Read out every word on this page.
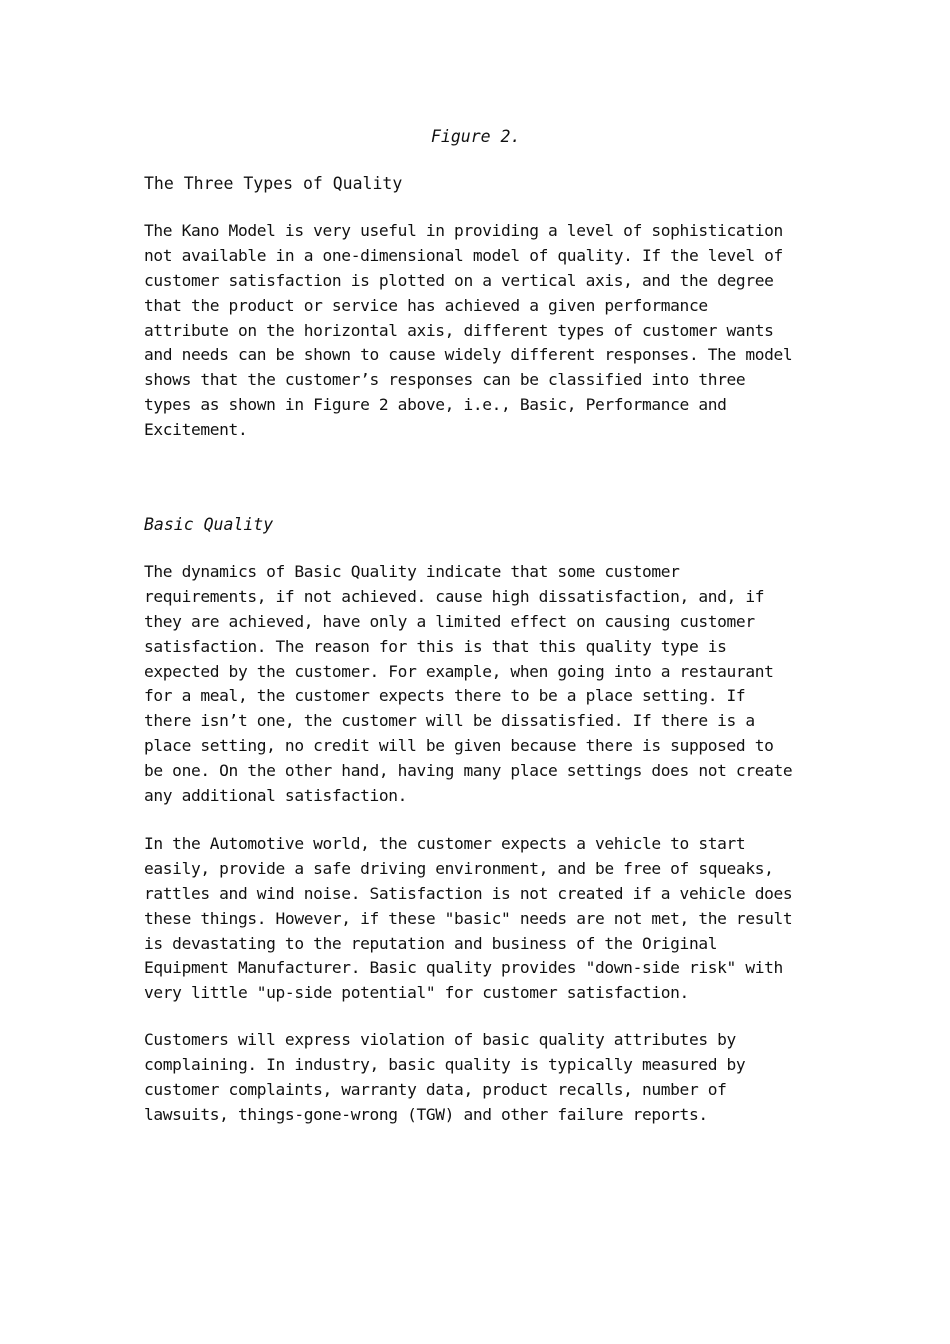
Figure 2.
The Three Types of Quality
The Kano Model is very useful in providing a level of sophistication
not available in a one-dimensional model of quality. If the level of
customer satisfaction is plotted on a vertical axis, and the degree
that the product or service has achieved a given performance
attribute on the horizontal axis, different types of customer wants
and needs can be shown to cause widely different responses. The model
shows that the customer’s responses can be classified into three
types as shown in Figure 2 above, i.e., Basic, Performance and
Excitement.
Basic Quality
The dynamics of Basic Quality indicate that some customer
requirements, if not achieved. cause high dissatisfaction, and, if
they are achieved, have only a limited effect on causing customer
satisfaction. The reason for this is that this quality type is
expected by the customer. For example, when going into a restaurant
for a meal, the customer expects there to be a place setting. If
there isn’t one, the customer will be dissatisfied. If there is a
place setting, no credit will be given because there is supposed to
be one. On the other hand, having many place settings does not create
any additional satisfaction.
In the Automotive world, the customer expects a vehicle to start
easily, provide a safe driving environment, and be free of squeaks,
rattles and wind noise. Satisfaction is not created if a vehicle does
these things. However, if these "basic" needs are not met, the result
is devastating to the reputation and business of the Original
Equipment Manufacturer. Basic quality provides "down-side risk" with
very little "up-side potential" for customer satisfaction.
Customers will express violation of basic quality attributes by
complaining. In industry, basic quality is typically measured by
customer complaints, warranty data, product recalls, number of
lawsuits, things-gone-wrong (TGW) and other failure reports.
